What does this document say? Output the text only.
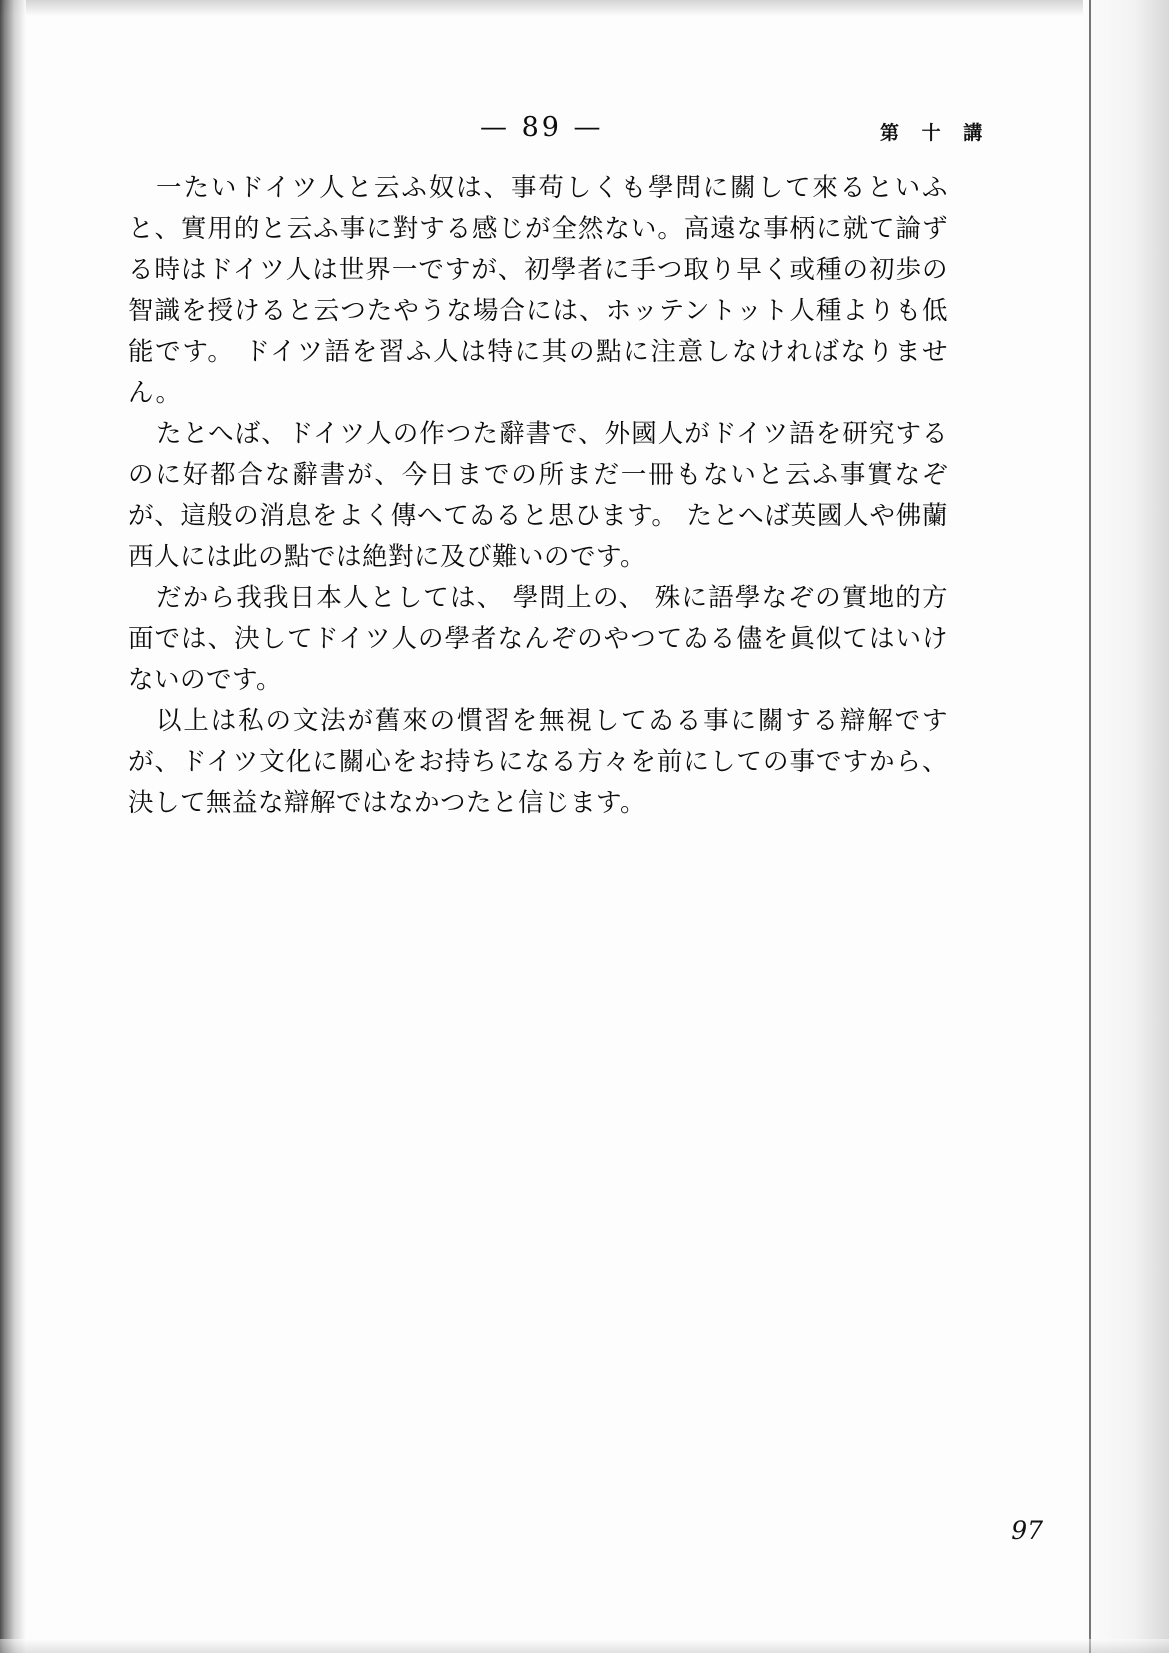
— 89 —	第 十 講

一たいドイツ人と云ふ奴は、事苟しくも學問に關して來るといふと、實用的と云ふ事に對する感じが全然ない。高遠な事柄に就て論ずる時はドイツ人は世界一ですが、初學者に手つ取り早く或種の初歩の智識を授けると云つたやうな場合には、ホッテントット人種よりも低能です。 ドイツ語を習ふ人は特に其の點に注意しなければなりません。

たとへば、ドイツ人の作つた辭書で、外國人がドイツ語を研究するのに好都合な辭書が、今日までの所まだ一冊もないと云ふ事實なぞが、這般の消息をよく傳へてゐると思ひます。 たとへば英國人や佛蘭西人には此の點では絶對に及び難いのです。

だから我我日本人としては、 學問上の、 殊に語學なぞの實地的方面では、決してドイツ人の學者なんぞのやつてゐる儘を眞似てはいけないのです。

以上は私の文法が舊來の慣習を無視してゐる事に關する辯解ですが、ドイツ文化に關心をお持ちになる方々を前にしての事ですから、決して無益な辯解ではなかつたと信じます。

97
